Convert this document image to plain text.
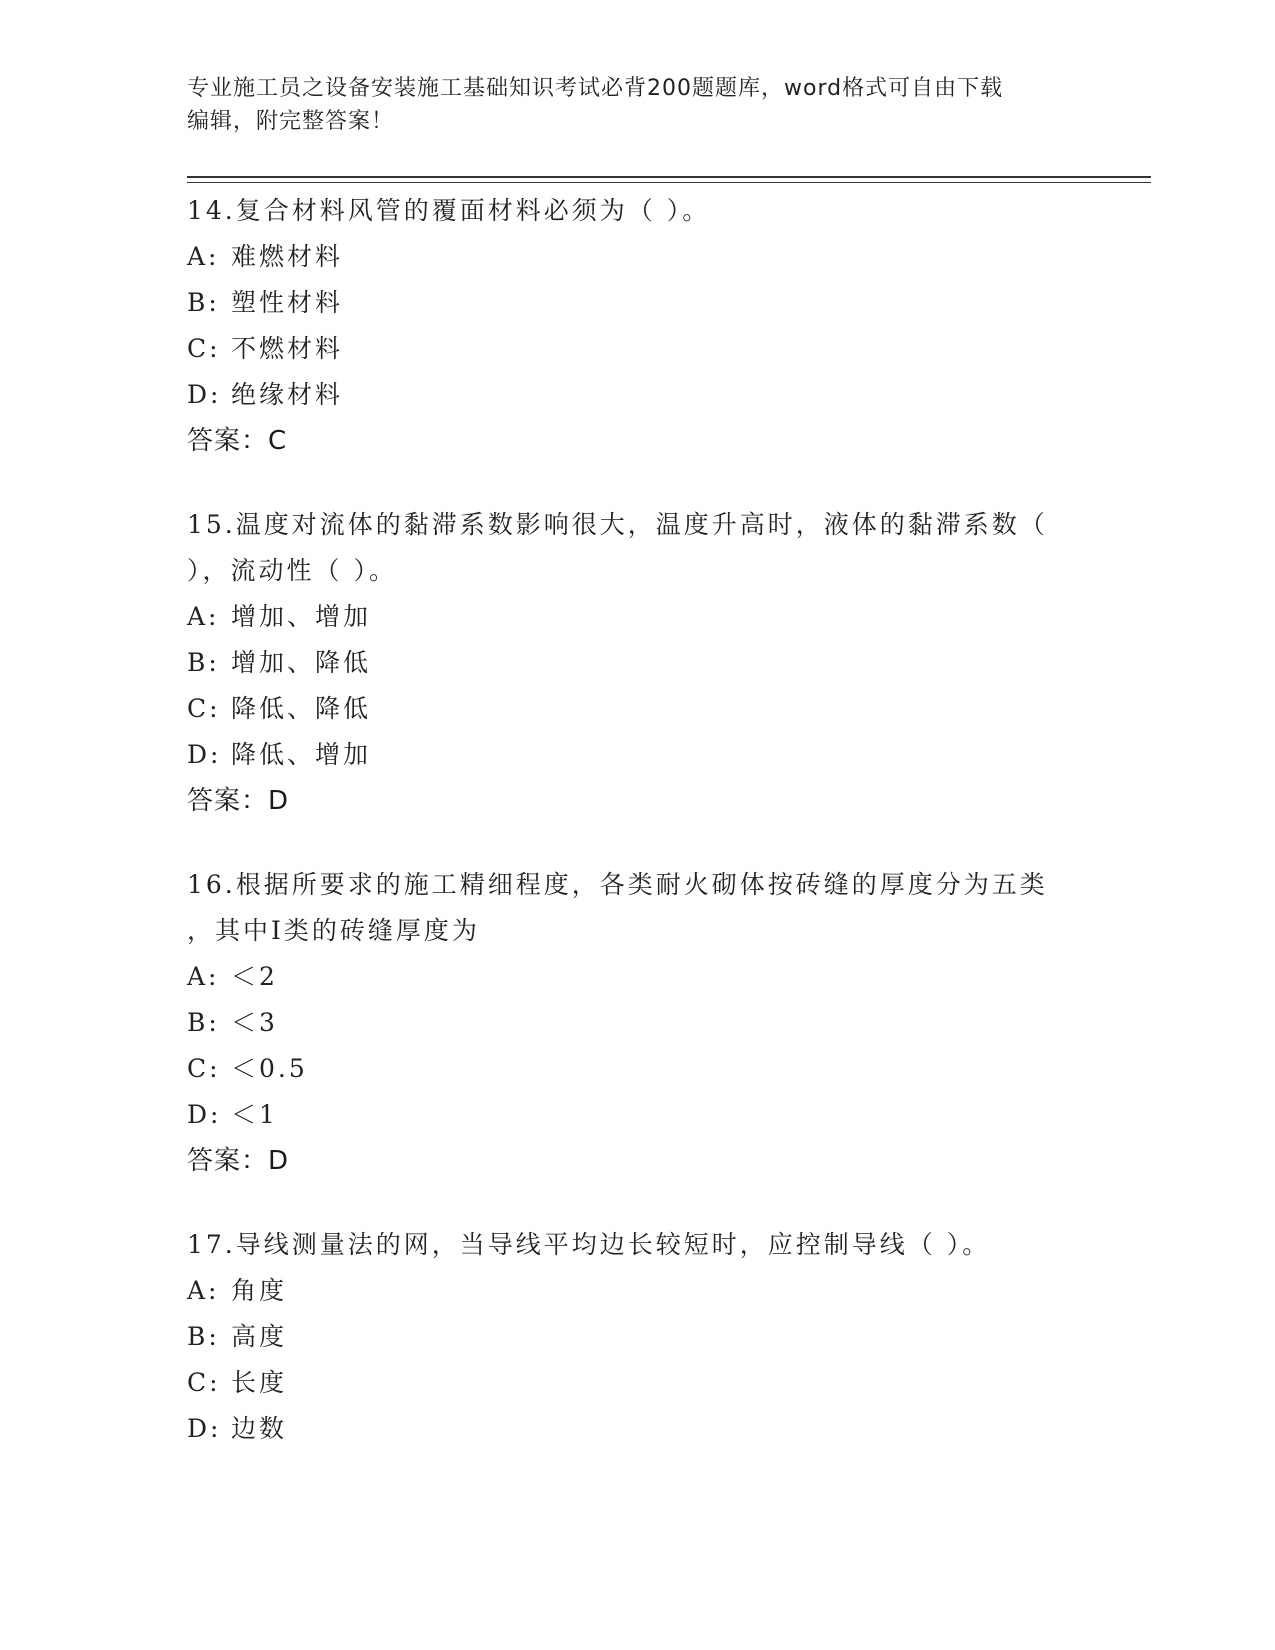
专业施工员之设备安装施工基础知识考试必背200题题库，word格式可自由下载
编辑，附完整答案！
14.复合材料风管的覆面材料必须为（ ）。
A: 难燃材料
B: 塑性材料
C: 不燃材料
D: 绝缘材料
答案：C
15.温度对流体的黏滞系数影响很大，温度升高时，液体的黏滞系数（
），流动性（ ）。
A: 增加、增加
B: 增加、降低
C: 降低、降低
D: 降低、增加
答案：D
16.根据所要求的施工精细程度，各类耐火砌体按砖缝的厚度分为五类
，其中Ⅰ类的砖缝厚度为
A: ＜2
B: ＜3
C: ＜0.5
D: ＜1
答案：D
17.导线测量法的网，当导线平均边长较短时，应控制导线（ ）。
A: 角度
B: 高度
C: 长度
D: 边数
